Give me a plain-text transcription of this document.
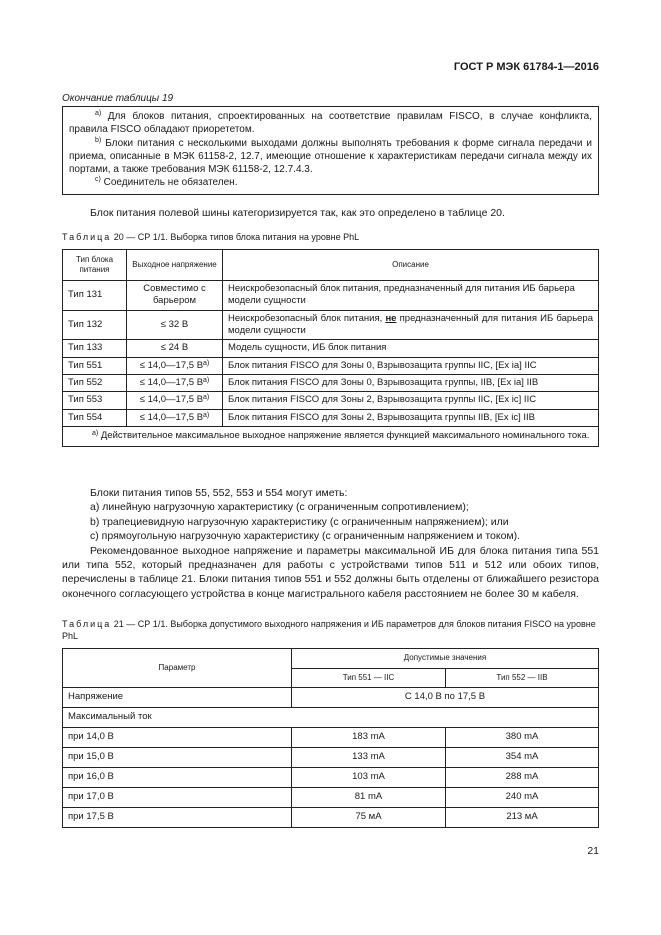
ГОСТ Р МЭК 61784-1—2016
Окончание таблицы 19

$^{a)}$ Для блоков питания, спроектированных на соответствие правилам FISCO, в случае конфликта, правила FISCO обладают приорететом.

$^{b)}$ Блоки питания с несколькими выходами должны выполнять требования к форме сигнала передачи и приема, описанные в МЭК 61158-2, 12.7, имеющие отношение к характеристикам передачи сигнала между их портами, а также требования МЭК 61158-2, 12.7.4.3.

$^{c)}$ Соединитель не обязателен.

Блок питания полевой шины категоризируется так, как это определено в таблице 20.

Таблица 20 — СР 1/1. Выборка типов блока питания на уровне PhL
Тип блока питания	Выходное напряжение	Описание
Тип 131	Совместимо с барьером	Неискробезопасный блок питания, предназначенный для питания ИБ барьера модели сущности
Тип 132	≤ 32 В	Неискробезопасный блок питания, не предназначенный для питания ИБ барьера модели сущности
Тип 133	≤ 24 В	Модель сущности, ИБ блок питания
Тип 551	≤ 14,0—17,5 $В^{a)}$	Блок питания FISCO для Зоны 0, Взрывозащита группы IIC, [Ex ia] IIC
Тип 552	≤ 14,0—17,5 $В^{a)}$	Блок питания FISCO для Зоны 0, Взрывозащита группы, IIB, [Ex ia] IIB
Тип 553	≤ 14,0—17,5 $В^{a)}$	Блок питания FISCO для Зоны 2, Взрывозащита группы IIC, [Ex ic] IIC
Тип 554	≤ 14,0—17,5 $В^{a)}$	Блок питания FISCO для Зоны 2, Взрывозащита группы IIB, [Ex ic] IIB
$^{a)}$ Действительное максимальное выходное напряжение является функцией максимального номинального тока.		

Блоки питания типов 55, 552, 553 и 554 могут иметь:

a) линейную нагрузочную характеристику (с ограниченным сопротивлением);

b) трапециевидную нагрузочную характеристику (с ограниченным напряжением); или

c) прямоугольную нагрузочную характеристику (с ограниченным напряжением и током).

Рекомендованное выходное напряжение и параметры максимальной ИБ для блока питания типа 551 или типа 552, который предназначен для работы с устройствами типов 511 и 512 или обоих типов, перечислены в таблице 21. Блоки питания типов 551 и 552 должны быть отделены от ближайшего резистора оконечного согласующего устройства в конце магистрального кабеля расстоянием не более 30 м кабеля.

Таблица 21 — СР 1/1. Выборка допустимого выходного напряжения и ИБ параметров для блоков питания FISCO на уровне PhL
Параметр	Допустимые значения	
	Тип 551 — IIC	Тип 552 — IIB
Напряжение	С 14,0 В по 17,5 В	
Максимальный ток		
при 14,0 В	183 mA	380 mA
при 15,0 В	133 mA	354 mA
при 16,0 В	103 mA	288 mA
при 17,0 В	81 mA	240 mA
при 17,5 В	75 мА	213 мА
21
